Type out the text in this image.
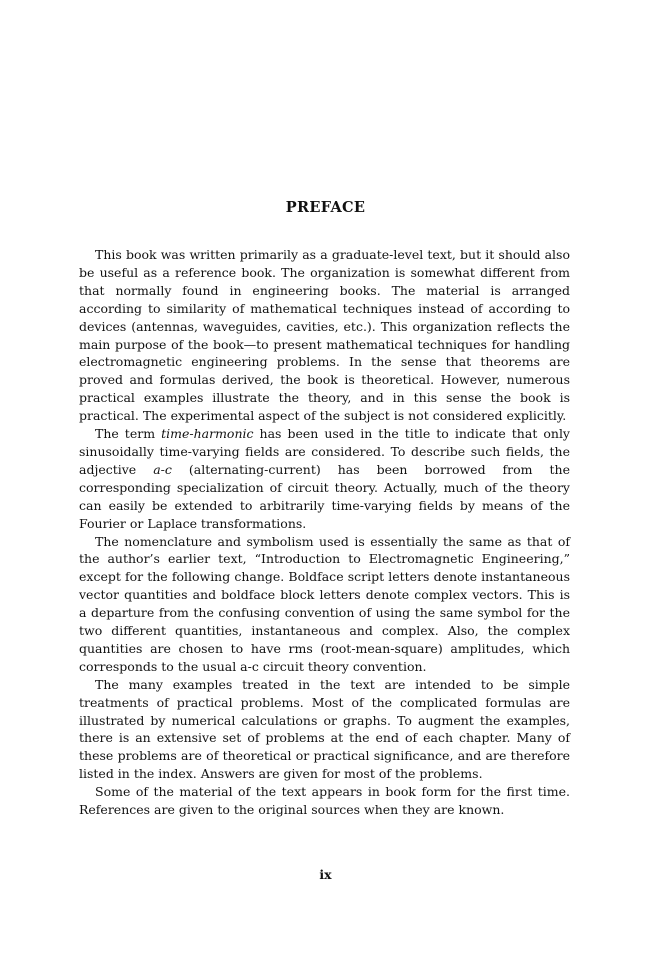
PREFACE

This book was written primarily as a graduate-level text, but it should also be useful as a reference book. The organization is somewhat different from that normally found in engineering books. The material is arranged according to similarity of mathematical techniques instead of according to devices (antennas, waveguides, cavities, etc.). This organization reflects the main purpose of the book—to present mathematical techniques for handling electromagnetic engineering problems. In the sense that theorems are proved and formulas derived, the book is theoretical. However, numerous practical examples illustrate the theory, and in this sense the book is practical. The experimental aspect of the subject is not considered explicitly.

The term time-harmonic has been used in the title to indicate that only sinusoidally time-varying fields are considered. To describe such fields, the adjective a-c (alternating-current) has been borrowed from the corresponding specialization of circuit theory. Actually, much of the theory can easily be extended to arbitrarily time-varying fields by means of the Fourier or Laplace transformations.

The nomenclature and symbolism used is essentially the same as that of the author’s earlier text, “Introduction to Electromagnetic Engineering,” except for the following change. Boldface script letters denote instantaneous vector quantities and boldface block letters denote complex vectors. This is a departure from the confusing convention of using the same symbol for the two different quantities, instantaneous and complex. Also, the complex quantities are chosen to have rms (root-mean-square) amplitudes, which corresponds to the usual a-c circuit theory convention.

The many examples treated in the text are intended to be simple treatments of practical problems. Most of the complicated formulas are illustrated by numerical calculations or graphs. To augment the examples, there is an extensive set of problems at the end of each chapter. Many of these problems are of theoretical or practical significance, and are therefore listed in the index. Answers are given for most of the problems.

Some of the material of the text appears in book form for the first time. References are given to the original sources when they are known.

ix
